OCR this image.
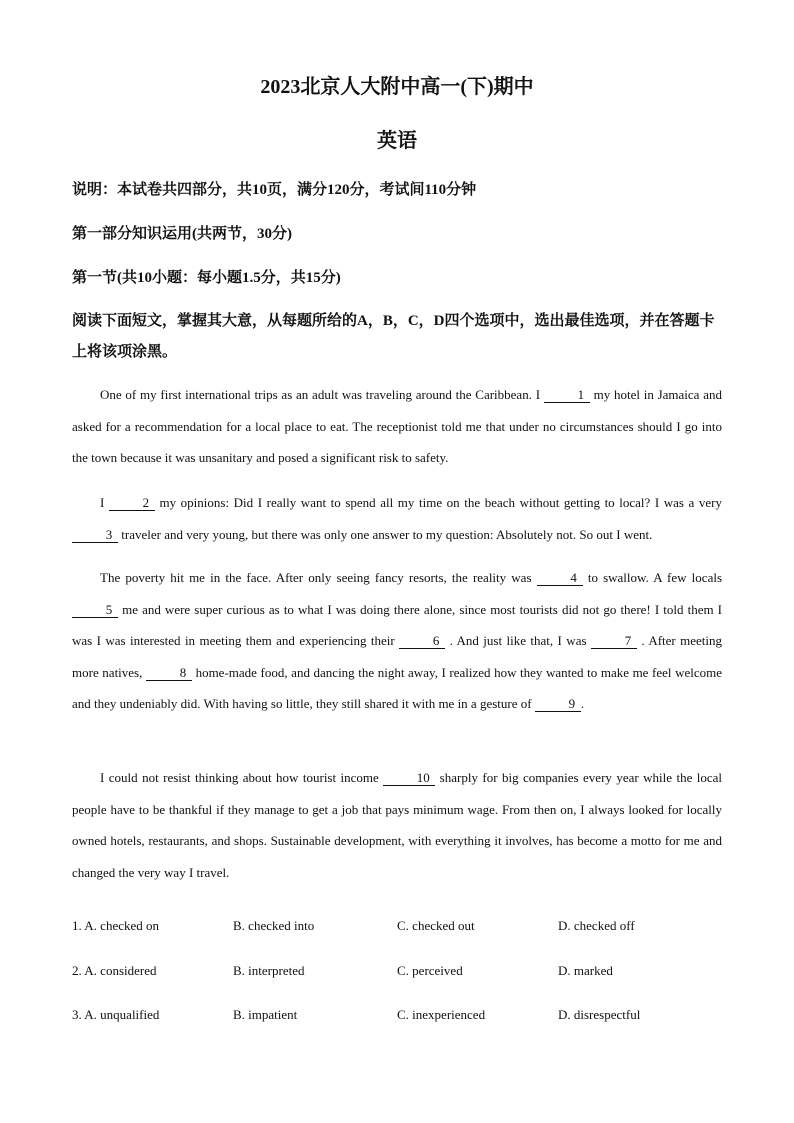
2023北京人大附中高一(下)期中
英语
说明：本试卷共四部分，共10页，满分120分，考试间110分钟
第一部分知识运用(共两节，30分)
第一节(共10小题：每小题1.5分，共15分)
阅读下面短文，掌握其大意，从每题所给的A，B，C，D四个选项中，选出最佳选项，并在答题卡上将该项涂黑。
One of my first international trips as an adult was traveling around the Caribbean. I	1 my hotel in Jamaica and asked for a recommendation for a local place to eat. The receptionist told me that under no circumstances should I go into the town because it was unsanitary and posed a significant risk to safety.
I	2 my opinions: Did I really want to spend all my time on the beach without getting to local? I was a very 3 traveler and very young, but there was only one answer to my question: Absolutely not. So out I went.
The poverty hit me in the face. After only seeing fancy resorts, the reality was	4 to swallow. A few locals 5 me and were super curious as to what I was doing there alone, since most tourists did not go there! I told them I was I was interested in meeting them and experiencing their	6 . And just like that, I was	7 . After meeting more natives,	8 home-made food, and dancing the night away, I realized how they wanted to make me feel welcome and they undeniably did. With having so little, they still shared it with me in a gesture of	9 .
I could not resist thinking about how tourist income	10 sharply for big companies every year while the local people have to be thankful if they manage to get a job that pays minimum wage. From then on, I always looked for locally owned hotels, restaurants, and shops. Sustainable development, with everything it involves, has become a motto for me and changed the very way I travel.
1. A. checked on	B. checked into	C. checked out	D. checked off
2. A. considered	B. interpreted	C. perceived	D. marked
3. A. unqualified	B. impatient	C. inexperienced	D. disrespectful
